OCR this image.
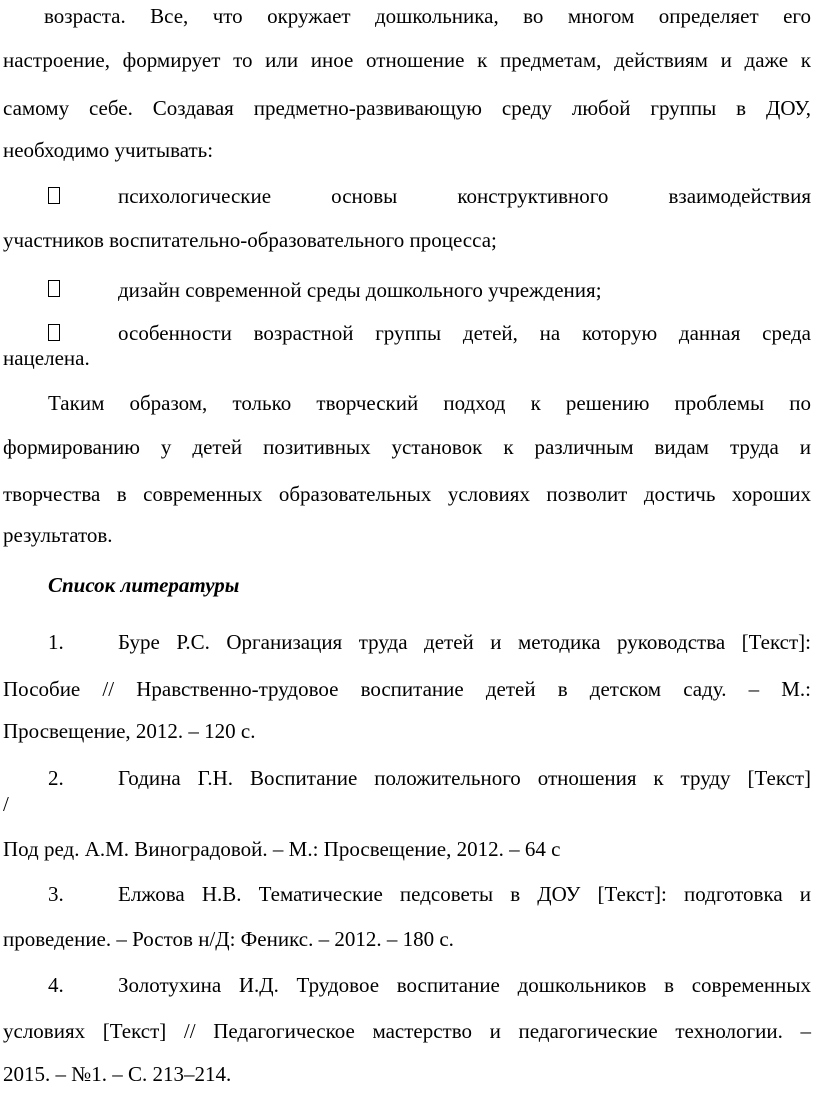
возраста. Все, что окружает дошкольника, во многом определяет его
настроение, формирует то или иное отношение к предметам, действиям и даже к
самому себе. Создавая предметно-развивающую среду любой группы в ДОУ,
необходимо учитывать:
психологические основы конструктивного взаимодействия
участников воспитательно-образовательного процесса;
дизайн современной среды дошкольного учреждения;
особенности возрастной группы детей, на которую данная среда
нацелена.
Таким образом, только творческий подход к решению проблемы по
формированию у детей позитивных установок к различным видам труда и
творчества в современных образовательных условиях позволит достичь хороших
результатов.
Список литературы
1.	Буре Р.С. Организация труда детей и методика руководства [Текст]:
Пособие // Нравственно-трудовое воспитание детей в детском саду. – М.:
Просвещение, 2012. – 120 с.
2.	Година Г.Н. Воспитание положительного отношения к труду [Текст]
/
Под ред. А.М. Виноградовой. – М.: Просвещение, 2012. – 64 с
3.	Елжова Н.В. Тематические педсоветы в ДОУ [Текст]: подготовка и
проведение. – Ростов н/Д: Феникс. – 2012. – 180 с.
4.	Золотухина И.Д. Трудовое воспитание дошкольников в современных
условиях [Текст] // Педагогическое мастерство и педагогические технологии. –
2015. – №1. – С. 213–214.
